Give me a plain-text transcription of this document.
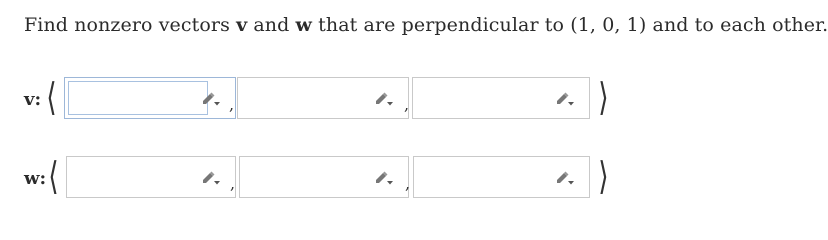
Find nonzero vectors v and w that are perpendicular to (1, 0, 1) and to each other.
v: ⟨	,	,	⟩
w: ⟨	,	,	⟩
